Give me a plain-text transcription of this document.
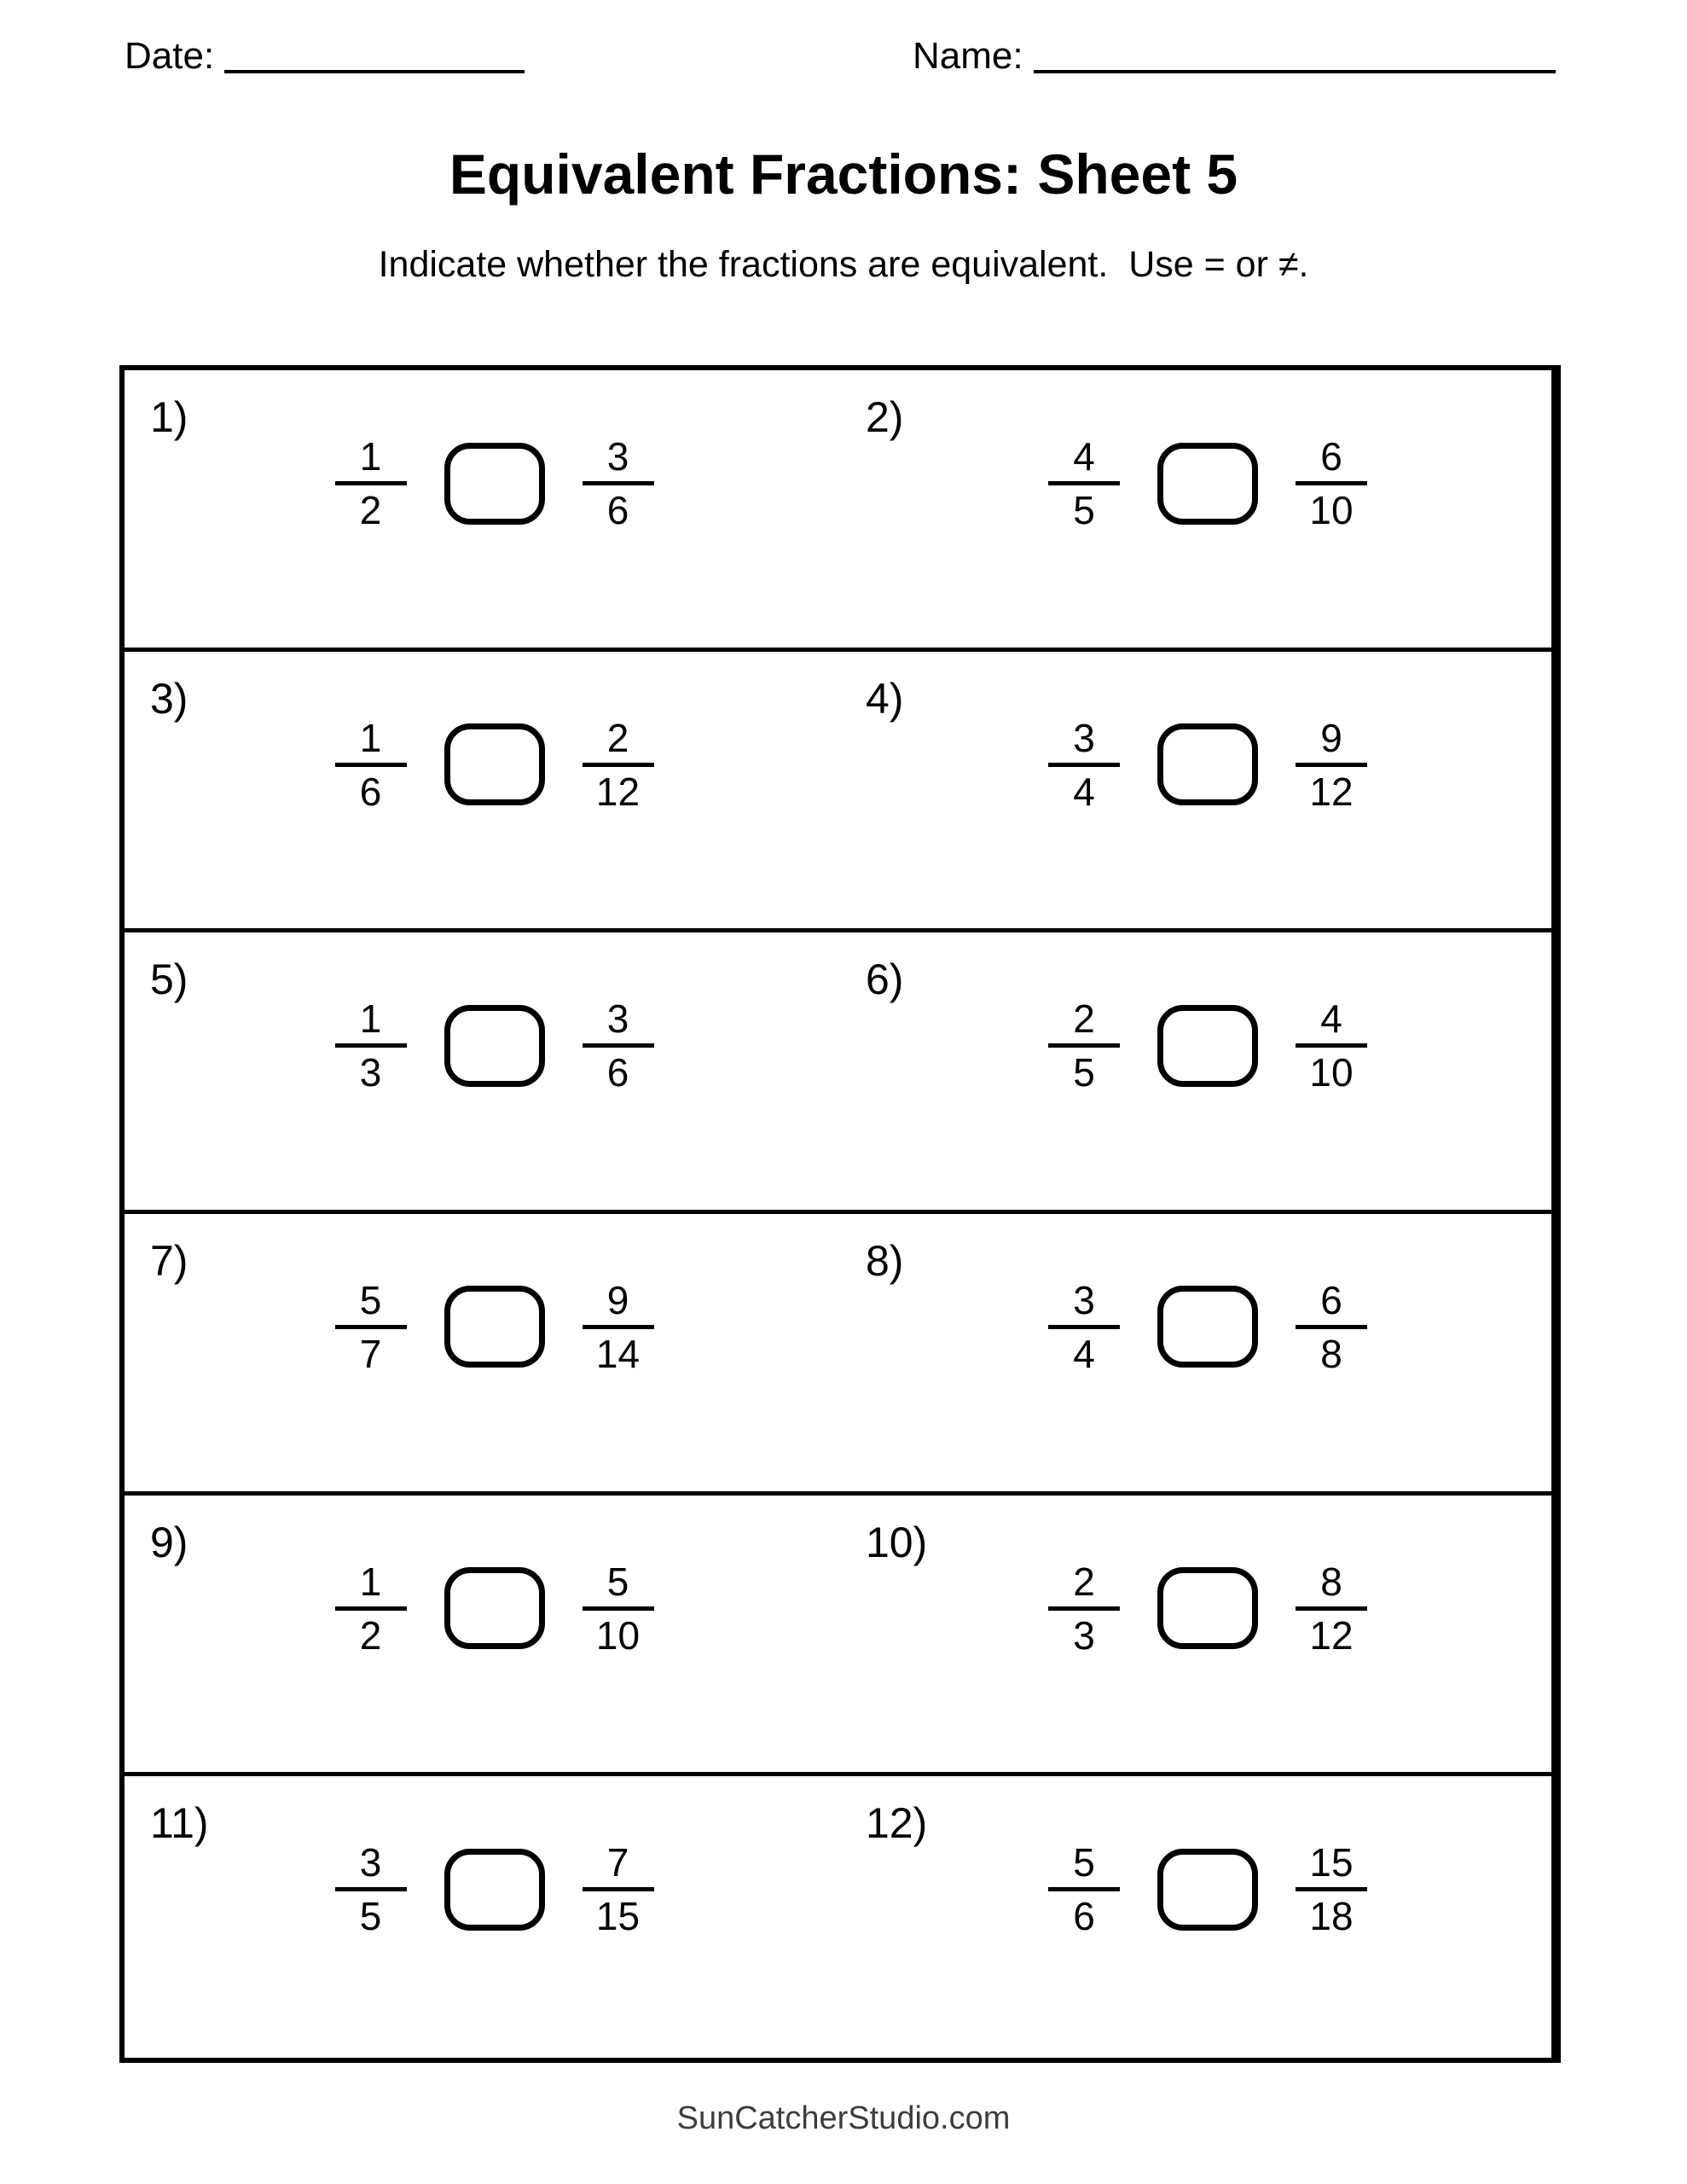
Date:	Name:
Equivalent Fractions: Sheet 5

Indicate whether the fractions are equivalent.  Use = or ≠.

1)
1
2
3
6
2)
4
5
6
10
3)
1
6
2
12
4)
3
4
9
12
5)
1
3
3
6
6)
2
5
4
10
7)
5
7
9
14
8)
3
4
6
8
9)
1
2
5
10
10)
2
3
8
12
11)
3
5
7
15
12)
5
6
15
18
SunCatcherStudio.com
